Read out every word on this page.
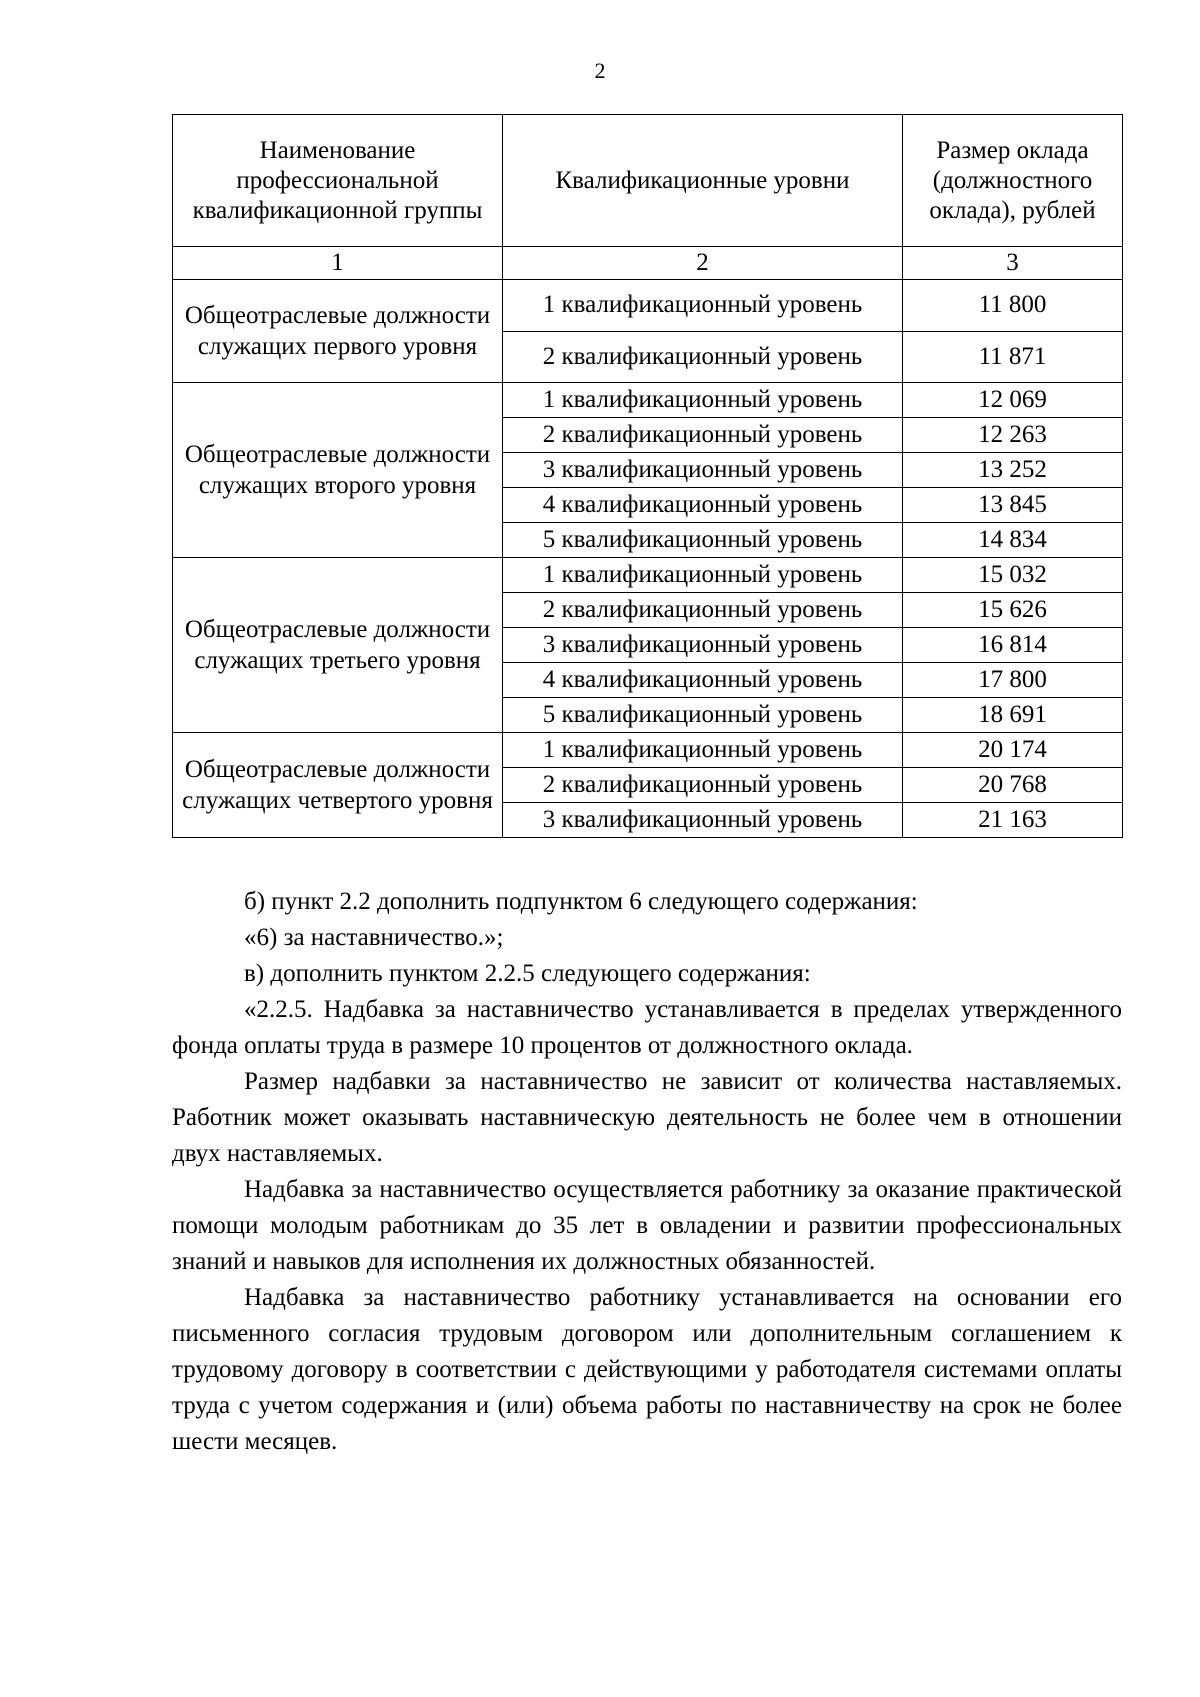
2
Наименование профессиональной квалификационной группы	Квалификационные уровни	Размер оклада (должностного оклада), рублей
1	2	3
Общеотраслевые должности служащих первого уровня	1 квалификационный уровень	11 800
	2 квалификационный уровень	11 871
Общеотраслевые должности служащих второго уровня	1 квалификационный уровень	12 069
	2 квалификационный уровень	12 263
	3 квалификационный уровень	13 252
	4 квалификационный уровень	13 845
	5 квалификационный уровень	14 834
Общеотраслевые должности служащих третьего уровня	1 квалификационный уровень	15 032
	2 квалификационный уровень	15 626
	3 квалификационный уровень	16 814
	4 квалификационный уровень	17 800
	5 квалификационный уровень	18 691
Общеотраслевые должности служащих четвертого уровня	1 квалификационный уровень	20 174
	2 квалификационный уровень	20 768
	3 квалификационный уровень	21 163

б) пункт 2.2 дополнить подпунктом 6 следующего содержания:

«6) за наставничество.»;

в) дополнить пунктом 2.2.5 следующего содержания:

«2.2.5. Надбавка за наставничество устанавливается в пределах утвержденного фонда оплаты труда в размере 10 процентов от должностного оклада.

Размер надбавки за наставничество не зависит от количества наставляемых. Работник может оказывать наставническую деятельность не более чем в отношении двух наставляемых.

Надбавка за наставничество осуществляется работнику за оказание практической помощи молодым работникам до 35 лет в овладении и развитии профессиональных знаний и навыков для исполнения их должностных обязанностей.

Надбавка за наставничество работнику устанавливается на основании его письменного согласия трудовым договором или дополнительным соглашением к трудовому договору в соответствии с действующими у работодателя системами оплаты труда с учетом содержания и (или) объема работы по наставничеству на срок не более шести месяцев.
